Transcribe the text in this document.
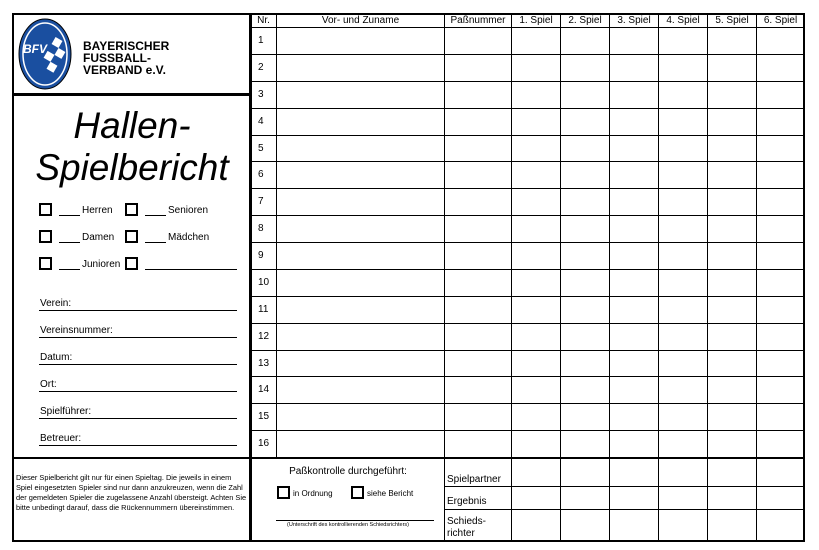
BFV	BAYERISCHER
FUSSBALL-
VERBAND e.V.
Hallen-
Spielbericht
Herren	Senioren
Damen	Mädchen
Junioren
Verein:
Vereinsnummer:
Datum:
Ort:
Spielführer:
Betreuer:
Nr.	Vor- und Zuname	Paßnummer	1. Spiel	2. Spiel	3. Spiel	4. Spiel	5. Spiel	6. Spiel
1
2
3
4
5
6
7
8
9
10
11
12
13
14
15
16
Dieser Spielbericht gilt nur für einen Spieltag. Die jeweils in einem Spiel eingesetzten Spieler sind nur dann anzukreuzen, wenn die Zahl der gemeldeten Spieler die zugelassene Anzahl übersteigt. Achten Sie bitte unbedingt darauf, dass die Rückennummern übereinstimmen.
Paßkontrolle durchgeführt:
in Ordnung	siehe Bericht
(Unterschrift des kontrollierenden Schiedsrichters)
Spielpartner
Ergebnis
Schieds-
richter
